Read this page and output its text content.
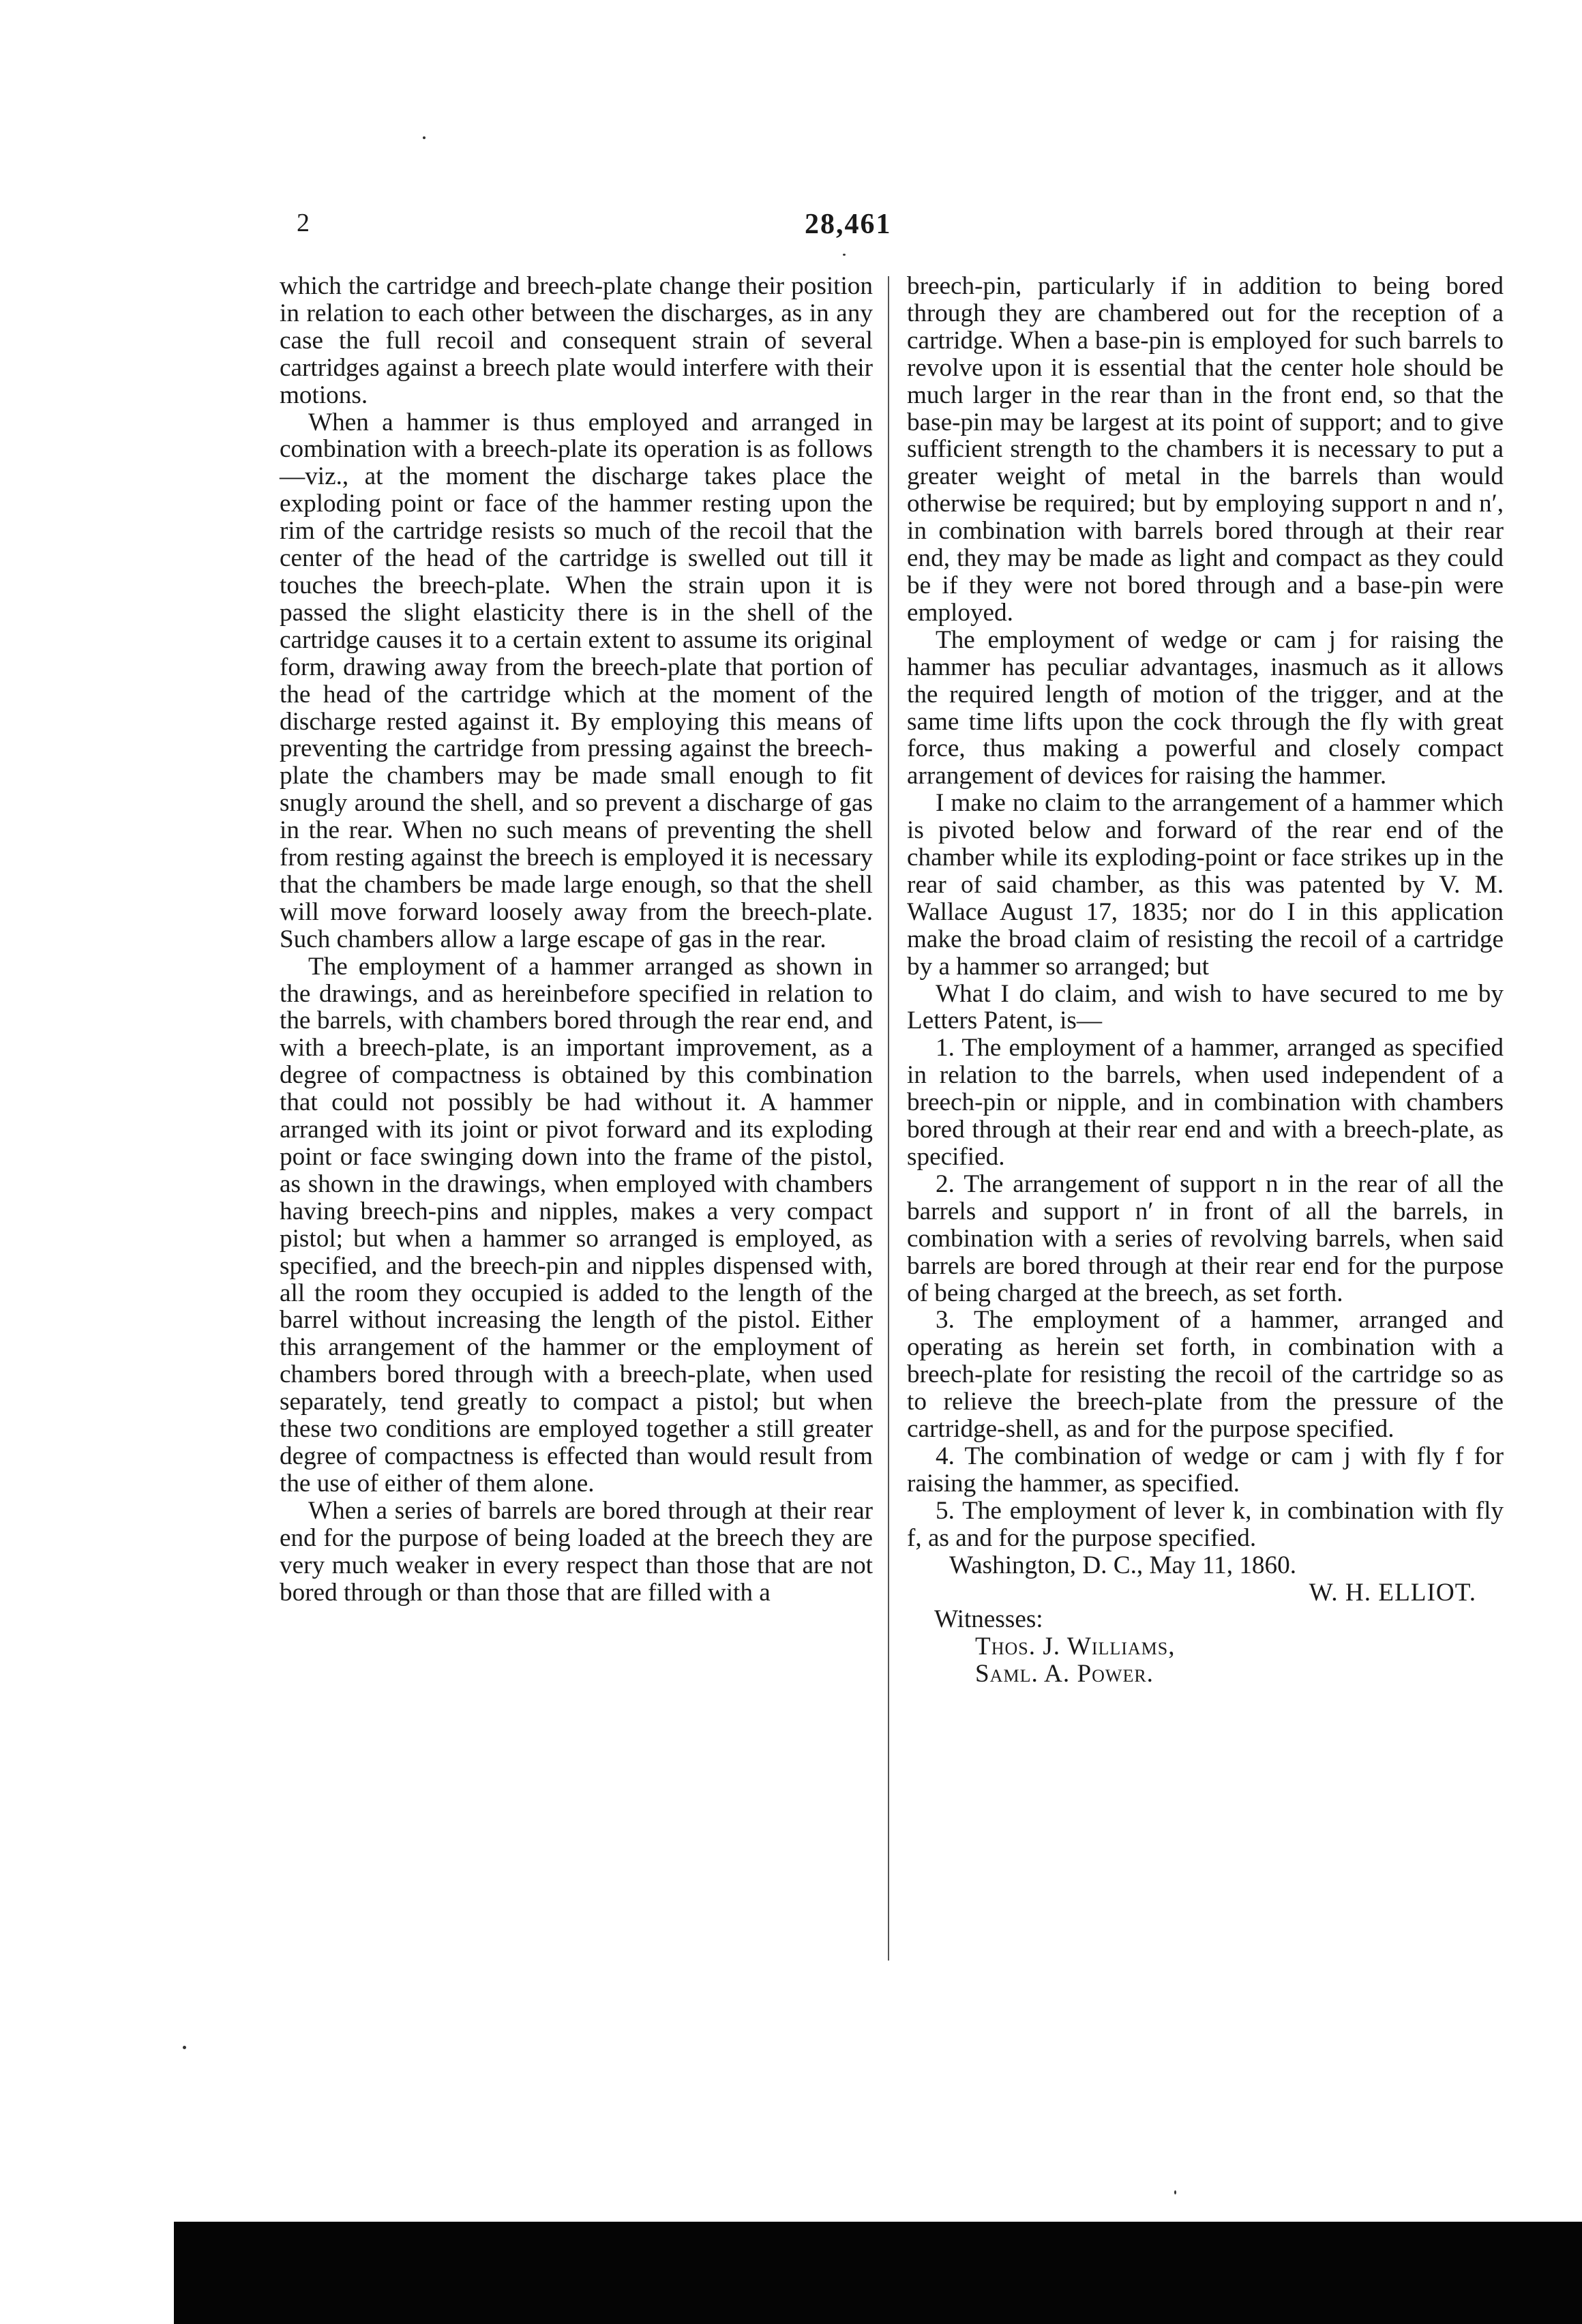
2	28,461

which the cartridge and breech-plate change their position in relation to each other between the discharges, as in any case the full recoil and consequent strain of several cartridges against a breech plate would interfere with their motions.

When a hammer is thus employed and arranged in combination with a breech-plate its operation is as follows—viz., at the moment the discharge takes place the exploding point or face of the hammer resting upon the rim of the cartridge resists so much of the recoil that the center of the head of the cartridge is swelled out till it touches the breech-plate. When the strain upon it is passed the slight elasticity there is in the shell of the cartridge causes it to a certain extent to assume its original form, drawing away from the breech-plate that portion of the head of the cartridge which at the moment of the discharge rested against it. By employing this means of preventing the cartridge from pressing against the breech-plate the chambers may be made small enough to fit snugly around the shell, and so prevent a discharge of gas in the rear. When no such means of preventing the shell from resting against the breech is employed it is necessary that the chambers be made large enough, so that the shell will move forward loosely away from the breech-plate. Such chambers allow a large escape of gas in the rear.

The employment of a hammer arranged as shown in the drawings, and as hereinbefore specified in relation to the barrels, with chambers bored through the rear end, and with a breech-plate, is an important improvement, as a degree of compactness is obtained by this combination that could not possibly be had without it. A hammer arranged with its joint or pivot forward and its exploding point or face swinging down into the frame of the pistol, as shown in the drawings, when employed with chambers having breech-pins and nipples, makes a very compact pistol; but when a hammer so arranged is employed, as specified, and the breech-pin and nipples dispensed with, all the room they occupied is added to the length of the barrel without increasing the length of the pistol. Either this arrangement of the hammer or the employment of chambers bored through with a breech-plate, when used separately, tend greatly to compact a pistol; but when these two conditions are employed together a still greater degree of compactness is effected than would result from the use of either of them alone.

When a series of barrels are bored through at their rear end for the purpose of being loaded at the breech they are very much weaker in every respect than those that are not bored through or than those that are filled with a

breech-pin, particularly if in addition to being bored through they are chambered out for the reception of a cartridge. When a base-pin is employed for such barrels to revolve upon it is essential that the center hole should be much larger in the rear than in the front end, so that the base-pin may be largest at its point of support; and to give sufficient strength to the chambers it is necessary to put a greater weight of metal in the barrels than would otherwise be required; but by employing support n and n′, in combination with barrels bored through at their rear end, they may be made as light and compact as they could be if they were not bored through and a base-pin were employed.

The employment of wedge or cam j for raising the hammer has peculiar advantages, inasmuch as it allows the required length of motion of the trigger, and at the same time lifts upon the cock through the fly with great force, thus making a powerful and closely compact arrangement of devices for raising the hammer.

I make no claim to the arrangement of a hammer which is pivoted below and forward of the rear end of the chamber while its exploding-point or face strikes up in the rear of said chamber, as this was patented by V. M. Wallace August 17, 1835; nor do I in this application make the broad claim of resisting the recoil of a cartridge by a hammer so arranged; but

What I do claim, and wish to have secured to me by Letters Patent, is—

1. The employment of a hammer, arranged as specified in relation to the barrels, when used independent of a breech-pin or nipple, and in combination with chambers bored through at their rear end and with a breech-plate, as specified.

2. The arrangement of support n in the rear of all the barrels and support n′ in front of all the barrels, in combination with a series of revolving barrels, when said barrels are bored through at their rear end for the purpose of being charged at the breech, as set forth.

3. The employment of a hammer, arranged and operating as herein set forth, in combination with a breech-plate for resisting the recoil of the cartridge so as to relieve the breech-plate from the pressure of the cartridge-shell, as and for the purpose specified.

4. The combination of wedge or cam j with fly f for raising the hammer, as specified.

5. The employment of lever k, in combination with fly f, as and for the purpose specified.

Washington, D. C., May 11, 1860.

W. H. ELLIOT.

Witnesses:

Thos. J. Williams,

Saml. A. Power.
